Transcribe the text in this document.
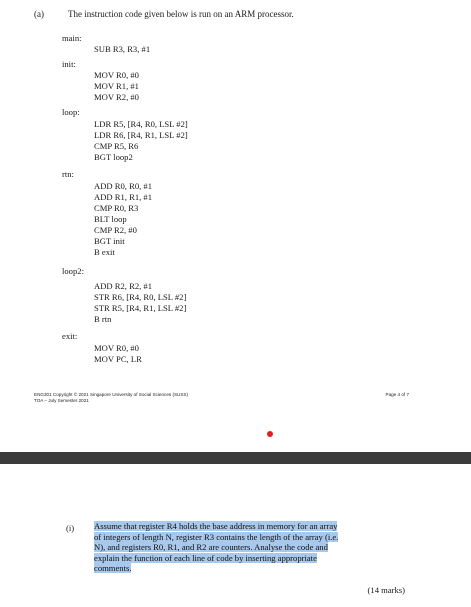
(a)	The instruction code given below is run on an ARM processor.
main:
SUB R3, R3, #1
init:
MOV R0, #0
MOV R1, #1
MOV R2, #0
loop:
LDR R5, [R4, R0, LSL #2]
LDR R6, [R4, R1, LSL #2]
CMP R5, R6
BGT loop2
rtn:
ADD R0, R0, #1
ADD R1, R1, #1
CMP R0, R3
BLT loop
CMP R2, #0
BGT init
B exit
loop2:
ADD R2, R2, #1
STR R6, [R4, R0, LSL #2]
STR R5, [R4, R1, LSL #2]
B rtn
exit:
MOV R0, #0
MOV PC, LR
ENG301 Copyright © 2021 Singapore University of Social Sciences (SUSS)
TOA – July Semester 2021
Page 4 of 7
(i) Assume that register R4 holds the base address in memory for an array
of integers of length N, register R3 contains the length of the array (i.e.
N), and registers R0, R1, and R2 are counters. Analyse the code and
explain the function of each line of code by inserting appropriate
comments.
(14 marks)
